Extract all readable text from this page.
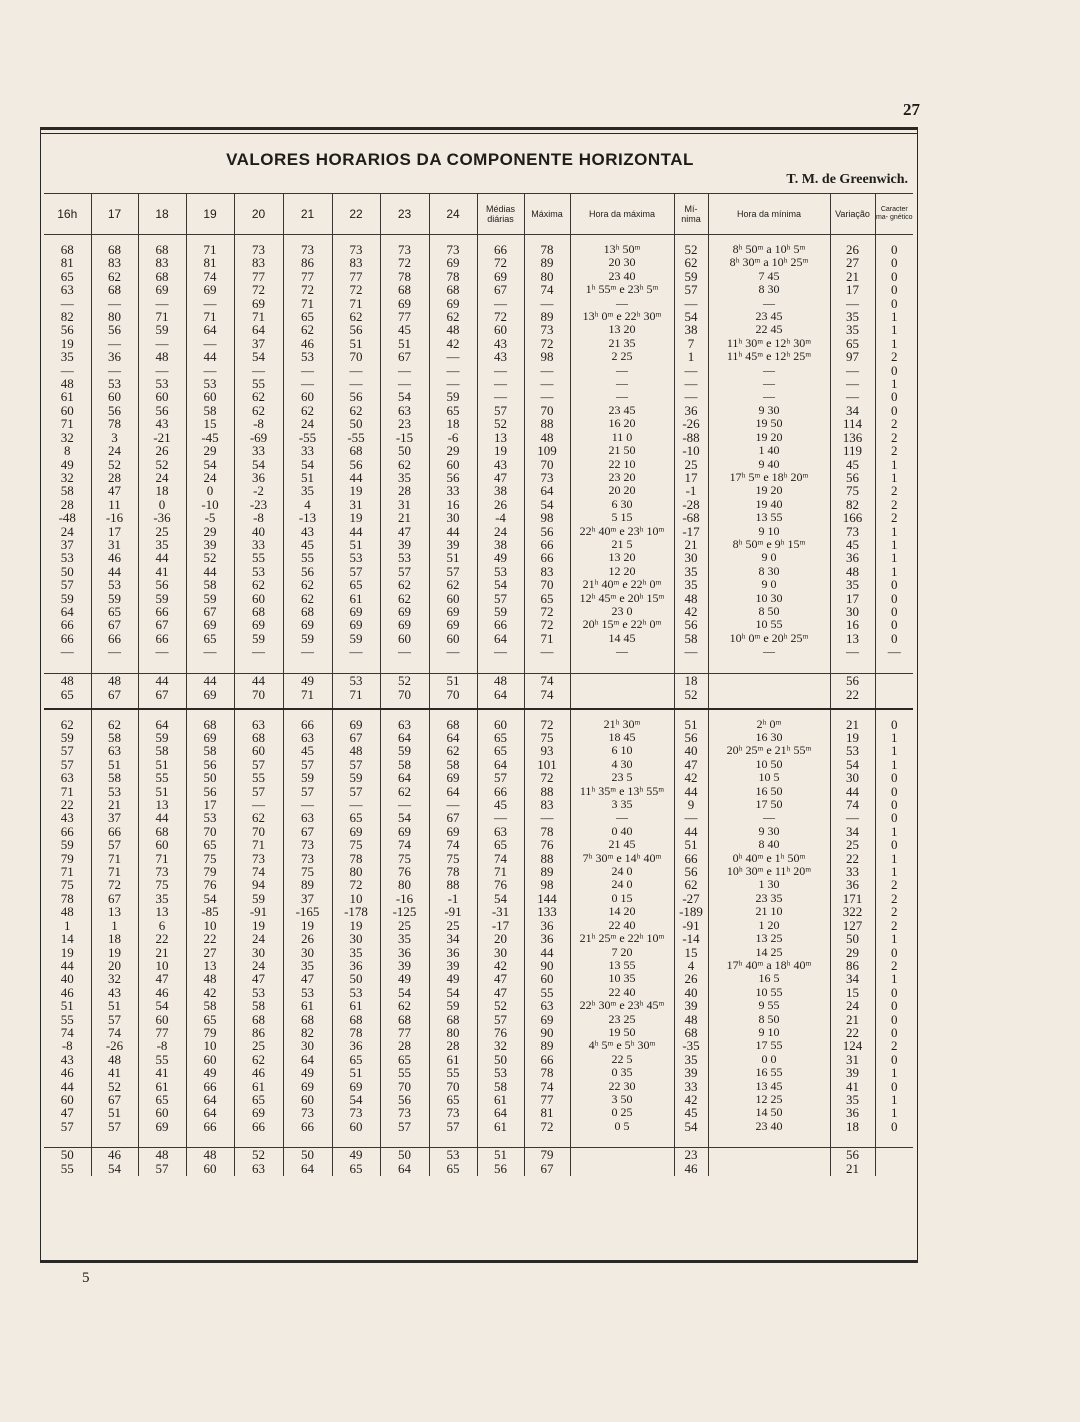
27
VALORES HORARIOS DA COMPONENTE HORIZONTAL
T. M. de Greenwich.
16h	17	18	19	20	21	22	23	24	Médias diárias	Máxima	Hora da máxima	Mí- nima	Hora da mínima	Variação	Caracter ma- gnético

68	68	68	71	73	73	73	73	73	66	78	13ʰ 50ᵐ	52	8ʰ 50ᵐ a 10ʰ 5ᵐ	26	0
81	83	83	81	83	86	83	72	69	72	89	20 30	62	8ʰ 30ᵐ a 10ʰ 25ᵐ	27	0
65	62	68	74	77	77	77	78	78	69	80	23 40	59	7 45	21	0
63	68	69	69	72	72	72	68	68	67	74	1ʰ 55ᵐ e 23ʰ 5ᵐ	57	8 30	17	0
—	—	—	—	69	71	71	69	69	—	—	—	—	—	—	0
82	80	71	71	71	65	62	77	62	72	89	13ʰ 0ᵐ e 22ʰ 30ᵐ	54	23 45	35	1
56	56	59	64	64	62	56	45	48	60	73	13 20	38	22 45	35	1
19	—	—	—	37	46	51	51	42	43	72	21 35	7	11ʰ 30ᵐ e 12ʰ 30ᵐ	65	1
35	36	48	44	54	53	70	67	—	43	98	2 25	1	11ʰ 45ᵐ e 12ʰ 25ᵐ	97	2
—	—	—	—	—	—	—	—	—	—	—	—	—	—	—	0
48	53	53	53	55	—	—	—	—	—	—	—	—	—	—	1
61	60	60	60	62	60	56	54	59	—	—	—	—	—	—	0
60	56	56	58	62	62	62	63	65	57	70	23 45	36	9 30	34	0
71	78	43	15	-8	24	50	23	18	52	88	16 20	-26	19 50	114	2
32	3	-21	-45	-69	-55	-55	-15	-6	13	48	11 0	-88	19 20	136	2
8	24	26	29	33	33	68	50	29	19	109	21 50	-10	1 40	119	2
49	52	52	54	54	54	56	62	60	43	70	22 10	25	9 40	45	1
32	28	24	24	36	51	44	35	56	47	73	23 20	17	17ʰ 5ᵐ e 18ʰ 20ᵐ	56	1
58	47	18	0	-2	35	19	28	33	38	64	20 20	-1	19 20	75	2
28	11	0	-10	-23	4	31	31	16	26	54	6 30	-28	19 40	82	2
-48	-16	-36	-5	-8	-13	19	21	30	-4	98	5 15	-68	13 55	166	2
24	17	25	29	40	43	44	47	44	24	56	22ʰ 40ᵐ e 23ʰ 10ᵐ	-17	9 10	73	1
37	31	35	39	33	45	51	39	39	38	66	21 5	21	8ʰ 50ᵐ e 9ʰ 15ᵐ	45	1
53	46	44	52	55	55	53	53	51	49	66	13 20	30	9 0	36	1
50	44	41	44	53	56	57	57	57	53	83	12 20	35	8 30	48	1
57	53	56	58	62	62	65	62	62	54	70	21ʰ 40ᵐ e 22ʰ 0ᵐ	35	9 0	35	0
59	59	59	59	60	62	61	62	60	57	65	12ʰ 45ᵐ e 20ʰ 15ᵐ	48	10 30	17	0
64	65	66	67	68	68	69	69	69	59	72	23 0	42	8 50	30	0
66	67	67	69	69	69	69	69	69	66	72	20ʰ 15ᵐ e 22ʰ 0ᵐ	56	10 55	16	0
66	66	66	65	59	59	59	60	60	64	71	14 45	58	10ʰ 0ᵐ e 20ʰ 25ᵐ	13	0
—	—	—	—	—	—	—	—	—	—	—	—	—	—	—	—

48	48	44	44	44	49	53	52	51	48	74		18		56	
65	67	67	69	70	71	71	70	70	64	74		52		22	

62	62	64	68	63	66	69	63	68	60	72	21ʰ 30ᵐ	51	2ʰ 0ᵐ	21	0
59	58	59	69	68	63	67	64	64	65	75	18 45	56	16 30	19	1
57	63	58	58	60	45	48	59	62	65	93	6 10	40	20ʰ 25ᵐ e 21ʰ 55ᵐ	53	1
57	51	51	56	57	57	57	58	58	64	101	4 30	47	10 50	54	1
63	58	55	50	55	59	59	64	69	57	72	23 5	42	10 5	30	0
71	53	51	56	57	57	57	62	64	66	88	11ʰ 35ᵐ e 13ʰ 55ᵐ	44	16 50	44	0
22	21	13	17	—	—	—	—	—	45	83	3 35	9	17 50	74	0
43	37	44	53	62	63	65	54	67	—	—	—	—	—	—	0
66	66	68	70	70	67	69	69	69	63	78	0 40	44	9 30	34	1
59	57	60	65	71	73	75	74	74	65	76	21 45	51	8 40	25	0
79	71	71	75	73	73	78	75	75	74	88	7ʰ 30ᵐ e 14ʰ 40ᵐ	66	0ʰ 40ᵐ e 1ʰ 50ᵐ	22	1
71	71	73	79	74	75	80	76	78	71	89	24 0	56	10ʰ 30ᵐ e 11ʰ 20ᵐ	33	1
75	72	75	76	94	89	72	80	88	76	98	24 0	62	1 30	36	2
78	67	35	54	59	37	10	-16	-1	54	144	0 15	-27	23 35	171	2
48	13	13	-85	-91	-165	-178	-125	-91	-31	133	14 20	-189	21 10	322	2
1	1	6	10	19	19	19	25	25	-17	36	22 40	-91	1 20	127	2
14	18	22	22	24	26	30	35	34	20	36	21ʰ 25ᵐ e 22ʰ 10ᵐ	-14	13 25	50	1
19	19	21	27	30	30	35	36	36	30	44	7 20	15	14 25	29	0
44	20	10	13	24	35	36	39	39	42	90	13 55	4	17ʰ 40ᵐ a 18ʰ 40ᵐ	86	2
40	32	47	48	47	47	50	49	49	47	60	10 35	26	16 5	34	1
46	43	46	42	53	53	53	54	54	47	55	22 40	40	10 55	15	0
51	51	54	58	58	61	61	62	59	52	63	22ʰ 30ᵐ e 23ʰ 45ᵐ	39	9 55	24	0
55	57	60	65	68	68	68	68	68	57	69	23 25	48	8 50	21	0
74	74	77	79	86	82	78	77	80	76	90	19 50	68	9 10	22	0
-8	-26	-8	10	25	30	36	28	28	32	89	4ʰ 5ᵐ e 5ʰ 30ᵐ	-35	17 55	124	2
43	48	55	60	62	64	65	65	61	50	66	22 5	35	0 0	31	0
46	41	41	49	46	49	51	55	55	53	78	0 35	39	16 55	39	1
44	52	61	66	61	69	69	70	70	58	74	22 30	33	13 45	41	0
60	67	65	64	65	60	54	56	65	61	77	3 50	42	12 25	35	1
47	51	60	64	69	73	73	73	73	64	81	0 25	45	14 50	36	1
57	57	69	66	66	66	60	57	57	61	72	0 5	54	23 40	18	0

50	46	48	48	52	50	49	50	53	51	79		23		56	
55	54	57	60	63	64	65	64	65	56	67		46		21	
5
